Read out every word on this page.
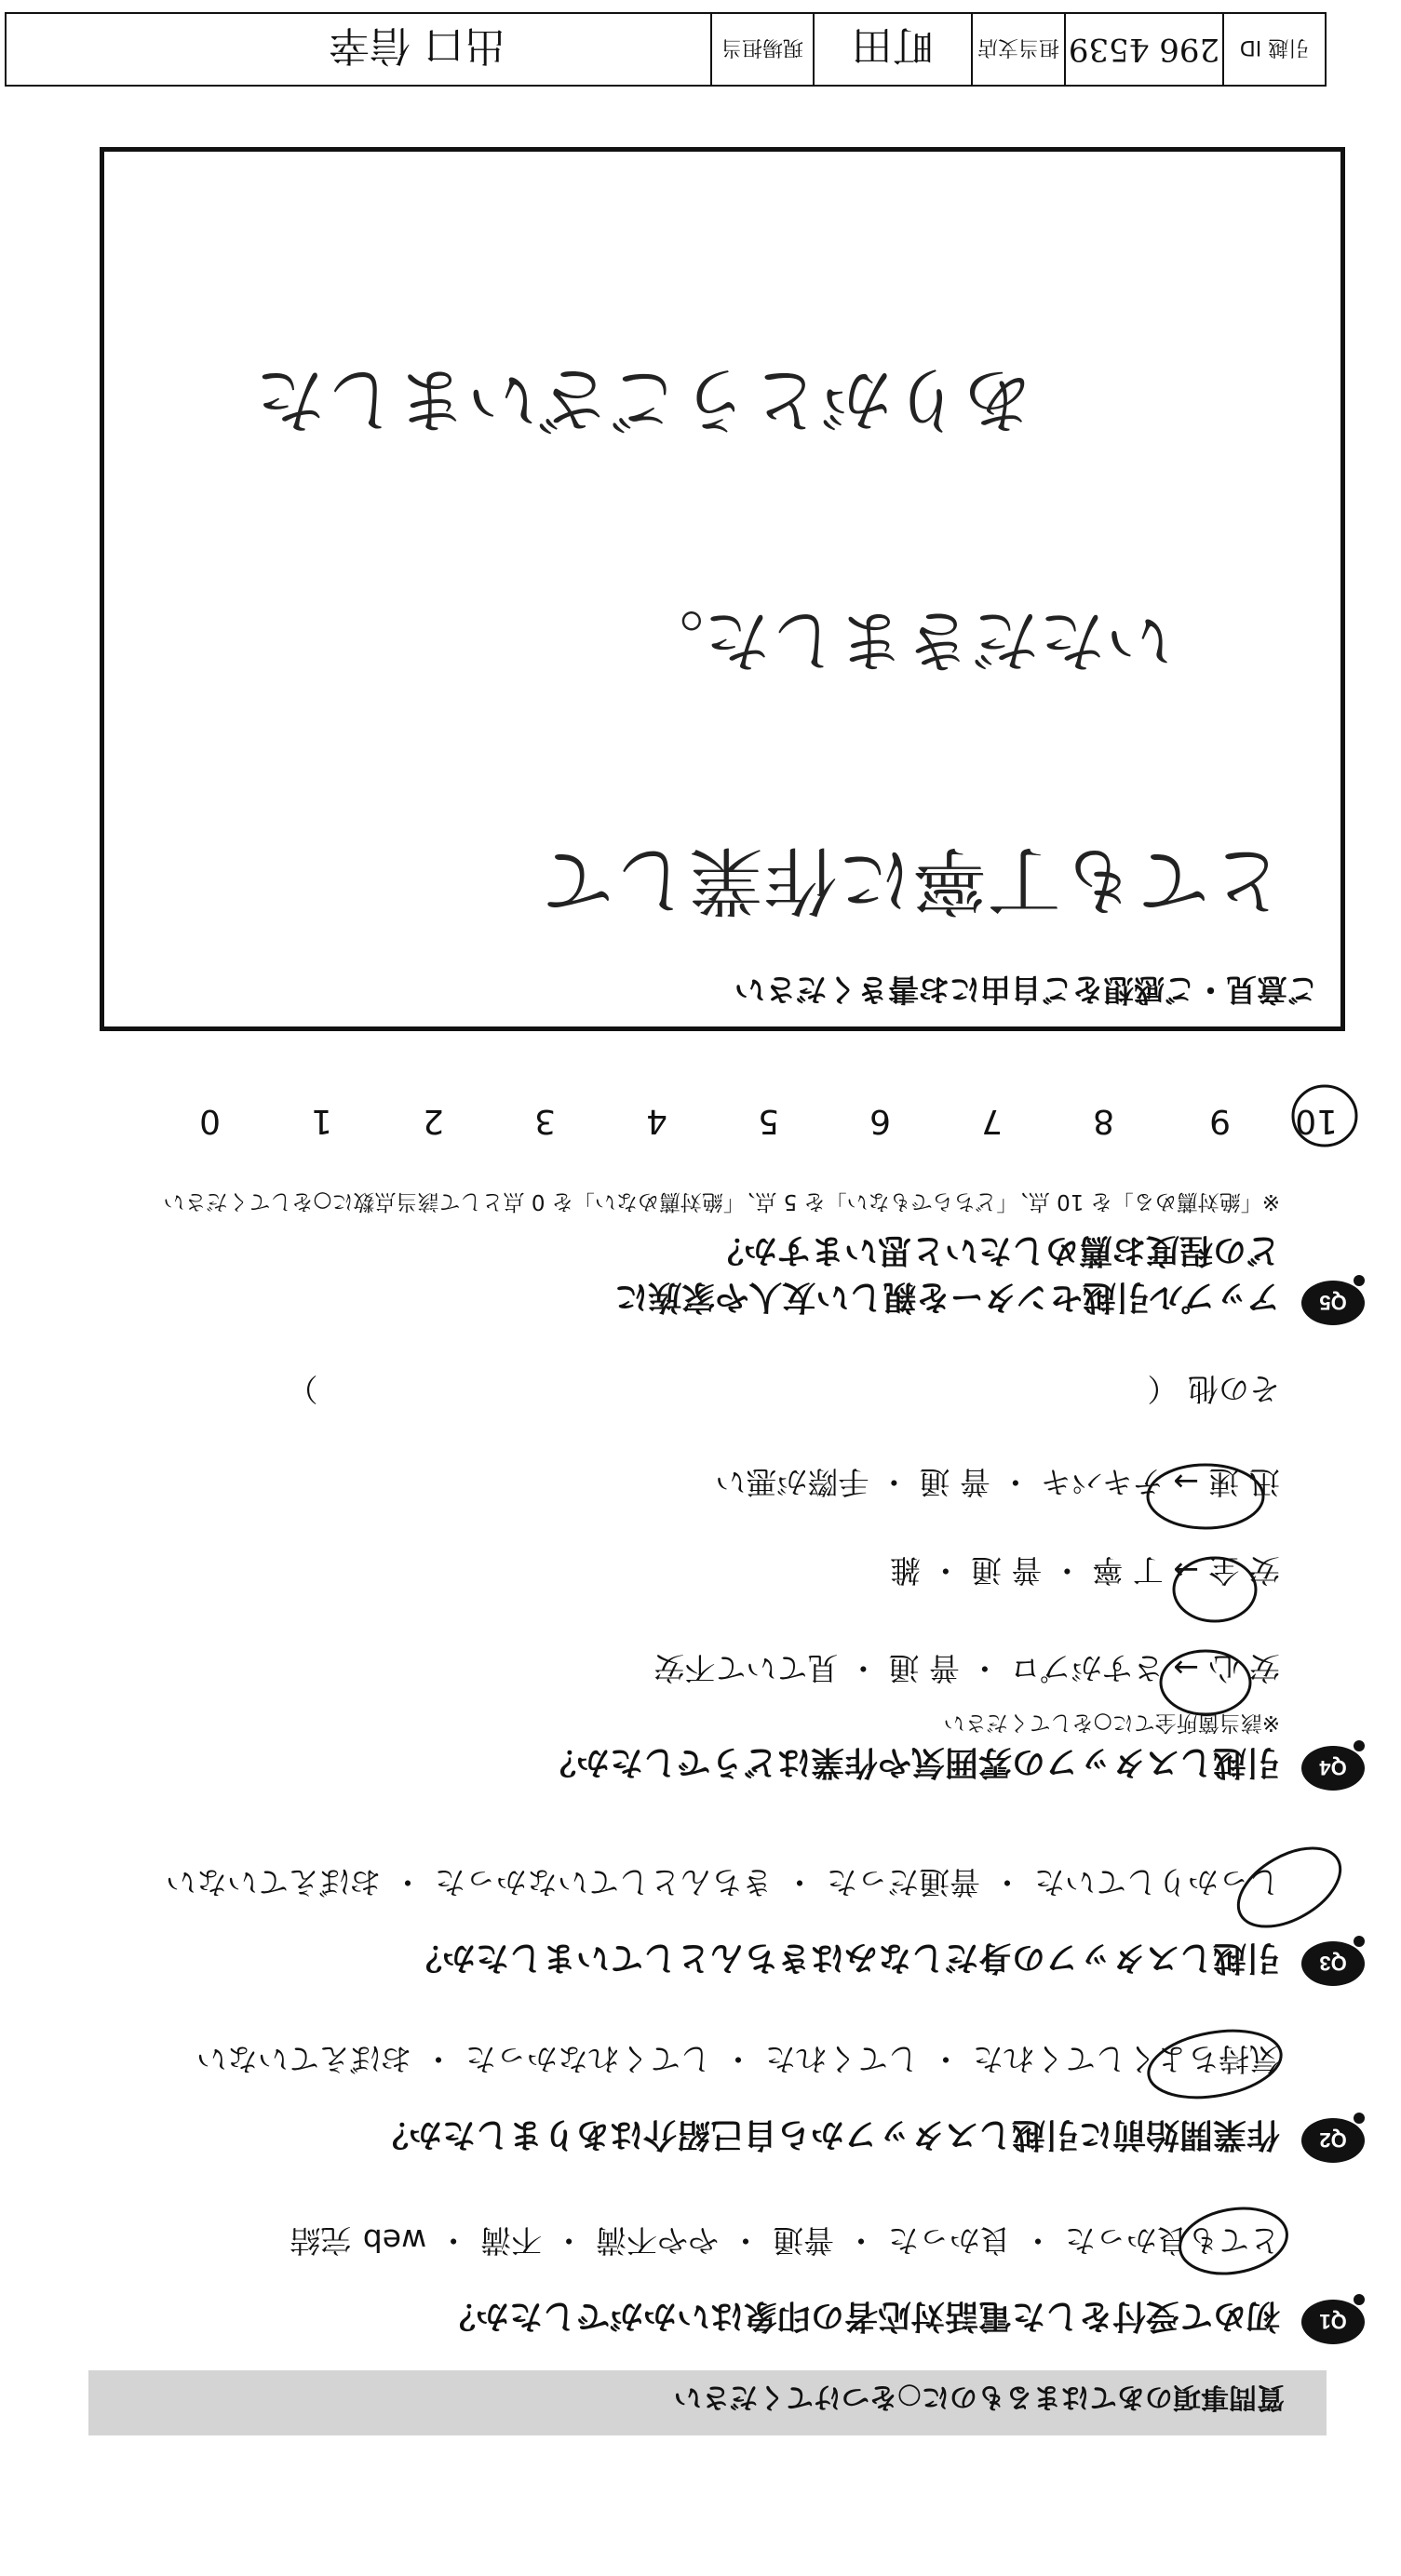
質問事項のあてはまるものに○をつけてください
Q1
初めて受付をした電話対応者の印象はいかがでしたか？
とても良かった ・ 良かった ・ 普通 ・ やや不満 ・ 不満 ・ web 完結
Q2
作業開始前に引越しスタッフから自己紹介はありましたか？
気持ちよくしてくれた ・ してくれた ・ してくれなかった ・ おぼえていない
Q3
引越しスタッフの身だしなみはきちんとしていましたか？
しっかりしていた ・ 普通だった ・ きちんとしていなかった ・ おぼえていない
Q4
引越しスタッフの雰囲気や作業はどうでしたか？
※該当箇所全てに○をしてください
安 心 → さすがプロ ・ 普 通 ・ 見ていて不安
安 全 → 丁 寧 ・ 普 通 ・ 雑
迅 速 → テキパキ ・ 普 通 ・ 手際が悪い
その他 （　　　　　　　　　　　　　　　　　　　　　　　　　　　）
Q5
アップル引越センターを親しい友人や家族に
どの程度お薦めしたいと思いますか？
※「絶対薦める」を 10 点、「どちらでもない」を 5 点、「絶対薦めない」を 0 点として該当点数に○をしてください
10
9
8
7
6
5
4
3
2
1
0
ご意見・ご感想をご自由にお書きください
とても丁寧に作業して
いただきました。
ありがとうございました
引越 ID
296 4539
担当支店
町田
現場担当
出口 信幸
